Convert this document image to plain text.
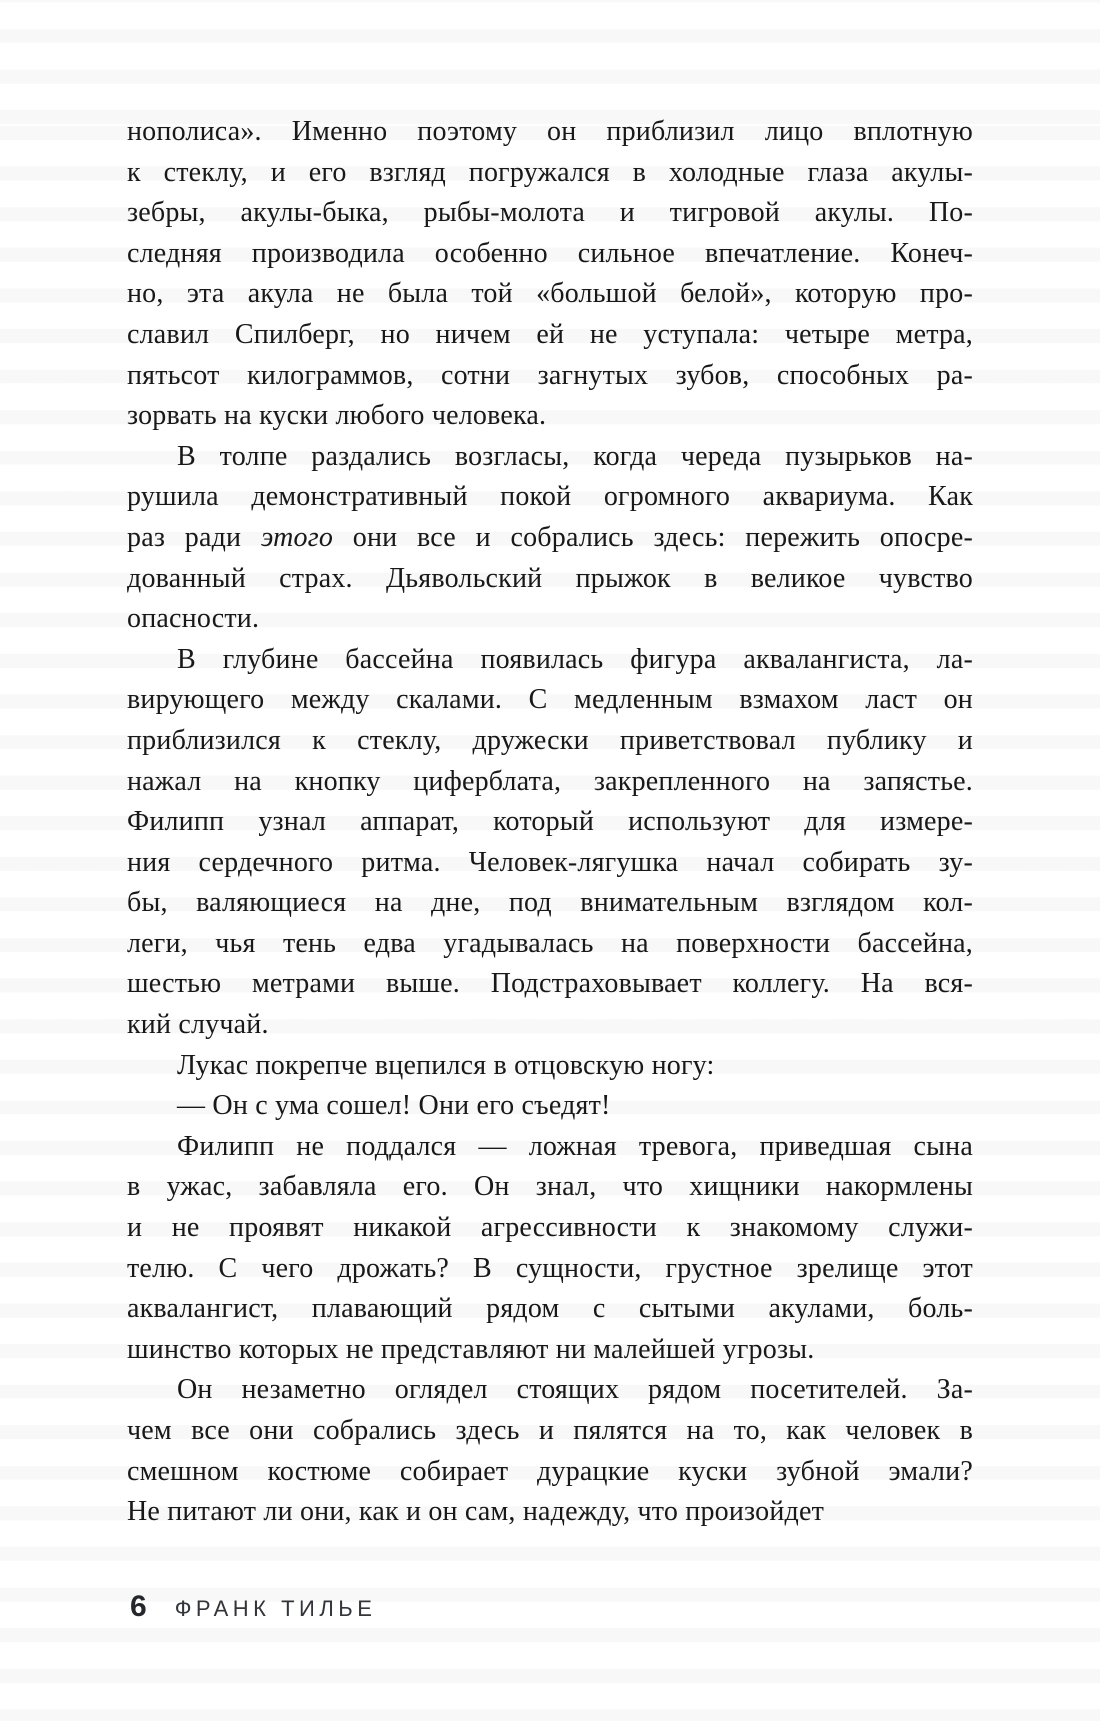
нополиса». Именно поэтому он приблизил лицо вплотную
к стеклу, и его взгляд погружался в холодные глаза акулы-
зебры, акулы-быка, рыбы-молота и тигровой акулы. По-
следняя производила особенно сильное впечатление. Конеч-
но, эта акула не была той «большой белой», которую про-
славил Спилберг, но ничем ей не уступала: четыре метра,
пятьсот килограммов, сотни загнутых зубов, способных ра-
зорвать на куски любого человека.
В толпе раздались возгласы, когда череда пузырьков на-
рушила демонстративный покой огромного аквариума. Как
раз ради этого они все и собрались здесь: пережить опосре-
дованный страх. Дьявольский прыжок в великое чувство
опасности.
В глубине бассейна появилась фигура аквалангиста, ла-
вирующего между скалами. С медленным взмахом ласт он
приблизился к стеклу, дружески приветствовал публику и
нажал на кнопку циферблата, закрепленного на запястье.
Филипп узнал аппарат, который используют для измере-
ния сердечного ритма. Человек-лягушка начал собирать зу-
бы, валяющиеся на дне, под внимательным взглядом кол-
леги, чья тень едва угадывалась на поверхности бассейна,
шестью метрами выше. Подстраховывает коллегу. На вся-
кий случай.
Лукас покрепче вцепился в отцовскую ногу:
— Он с ума сошел! Они его съедят!
Филипп не поддался — ложная тревога, приведшая сына
в ужас, забавляла его. Он знал, что хищники накормлены
и не проявят никакой агрессивности к знакомому служи-
телю. С чего дрожать? В сущности, грустное зрелище этот
аквалангист, плавающий рядом с сытыми акулами, боль-
шинство которых не представляют ни малейшей угрозы.
Он незаметно оглядел стоящих рядом посетителей. За-
чем все они собрались здесь и пялятся на то, как человек в
смешном костюме собирает дурацкие куски зубной эмали?
Не питают ли они, как и он сам, надежду, что произойдет
6 ФРАНК ТИЛЬЕ
